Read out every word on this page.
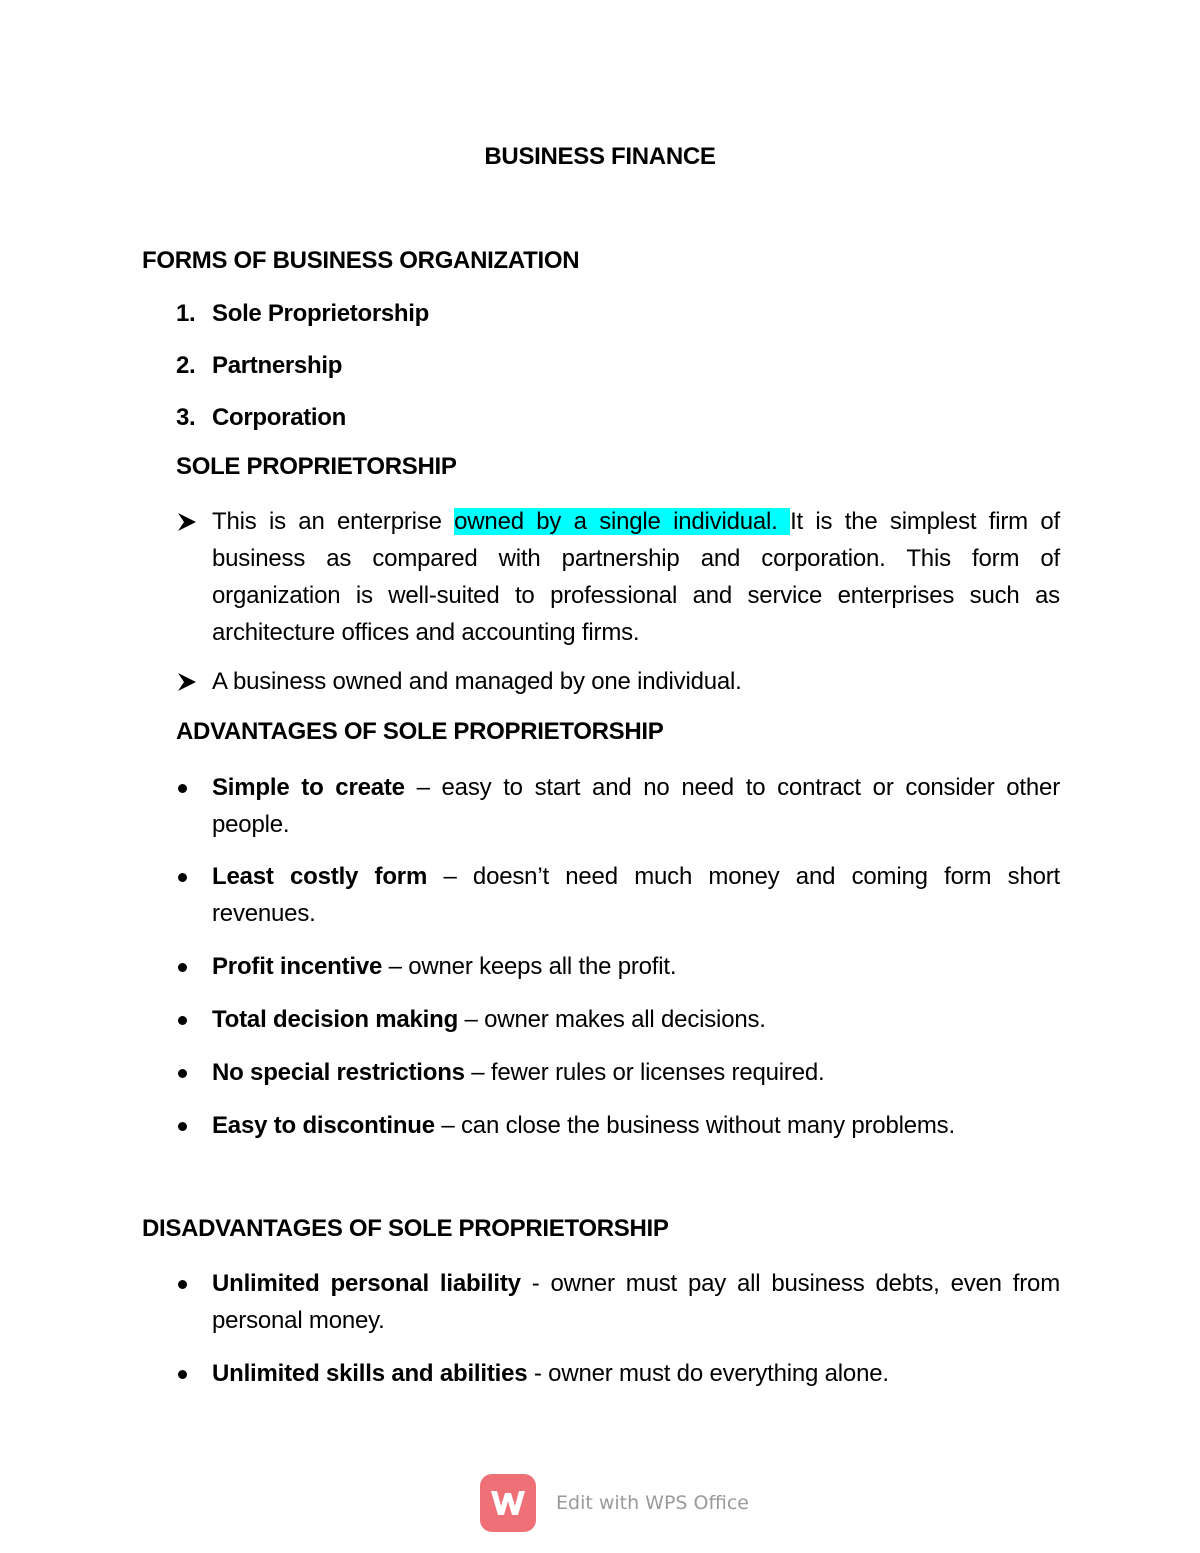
BUSINESS FINANCE
FORMS OF BUSINESS ORGANIZATION
1. Sole Proprietorship
2. Partnership
3. Corporation
SOLE PROPRIETORSHIP
This is an enterprise owned by a single individual. It is the simplest firm of business as compared with partnership and corporation. This form of organization is well-suited to professional and service enterprises such as architecture offices and accounting firms.
A business owned and managed by one individual.
ADVANTAGES OF SOLE PROPRIETORSHIP
Simple to create – easy to start and no need to contract or consider other people.
Least costly form – doesn’t need much money and coming form short revenues.
Profit incentive – owner keeps all the profit.
Total decision making – owner makes all decisions.
No special restrictions – fewer rules or licenses required.
Easy to discontinue – can close the business without many problems.
DISADVANTAGES OF SOLE PROPRIETORSHIP
Unlimited personal liability - owner must pay all business debts, even from personal money.
Unlimited skills and abilities - owner must do everything alone.
Edit with WPS Office
